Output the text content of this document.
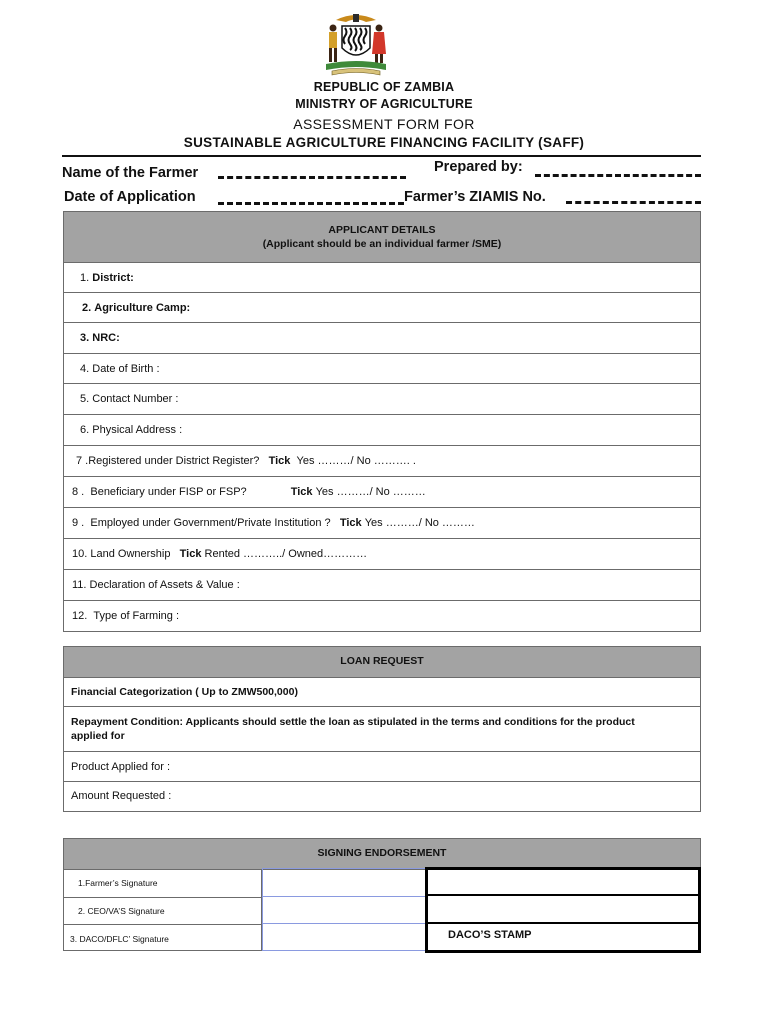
REPUBLIC OF ZAMBIA
MINISTRY OF AGRICULTURE
ASSESSMENT FORM FOR
SUSTAINABLE AGRICULTURE FINANCING FACILITY (SAFF)
Name of the Farmer	Prepared by:
Date of Application	Farmer’s ZIAMIS No.
APPLICANT DETAILS
(Applicant should be an individual farmer /SME)
1.
District:
2.
Agriculture Camp:
3.
NRC:
4.
Date of Birth :
5.
Contact Number :
6.
Physical Address :
7 . Registered under District Register?
Tick
Yes ………/ No ………. .
8 .
Beneficiary under FISP or FSP?	Tick
Yes ………/ No ………
9 .
Employed under Government/Private Institution ?
Tick
Yes ………/ No ………
10.
Land Ownership
Tick
Rented ………../ Owned…………
11.
Declaration of Assets & Value :
12.
Type of Farming :
LOAN REQUEST
Financial Categorization ( Up to ZMW500,000)
Repayment Condition: Applicants should settle the loan as stipulated in the terms and conditions for the product
applied for
Product Applied for :
Amount Requested :
SIGNING ENDORSEMENT
1.Farmer’s Signature
2. CEO/VA’S Signature
3. DACO/DFLC’ Signature	DACO’S STAMP
